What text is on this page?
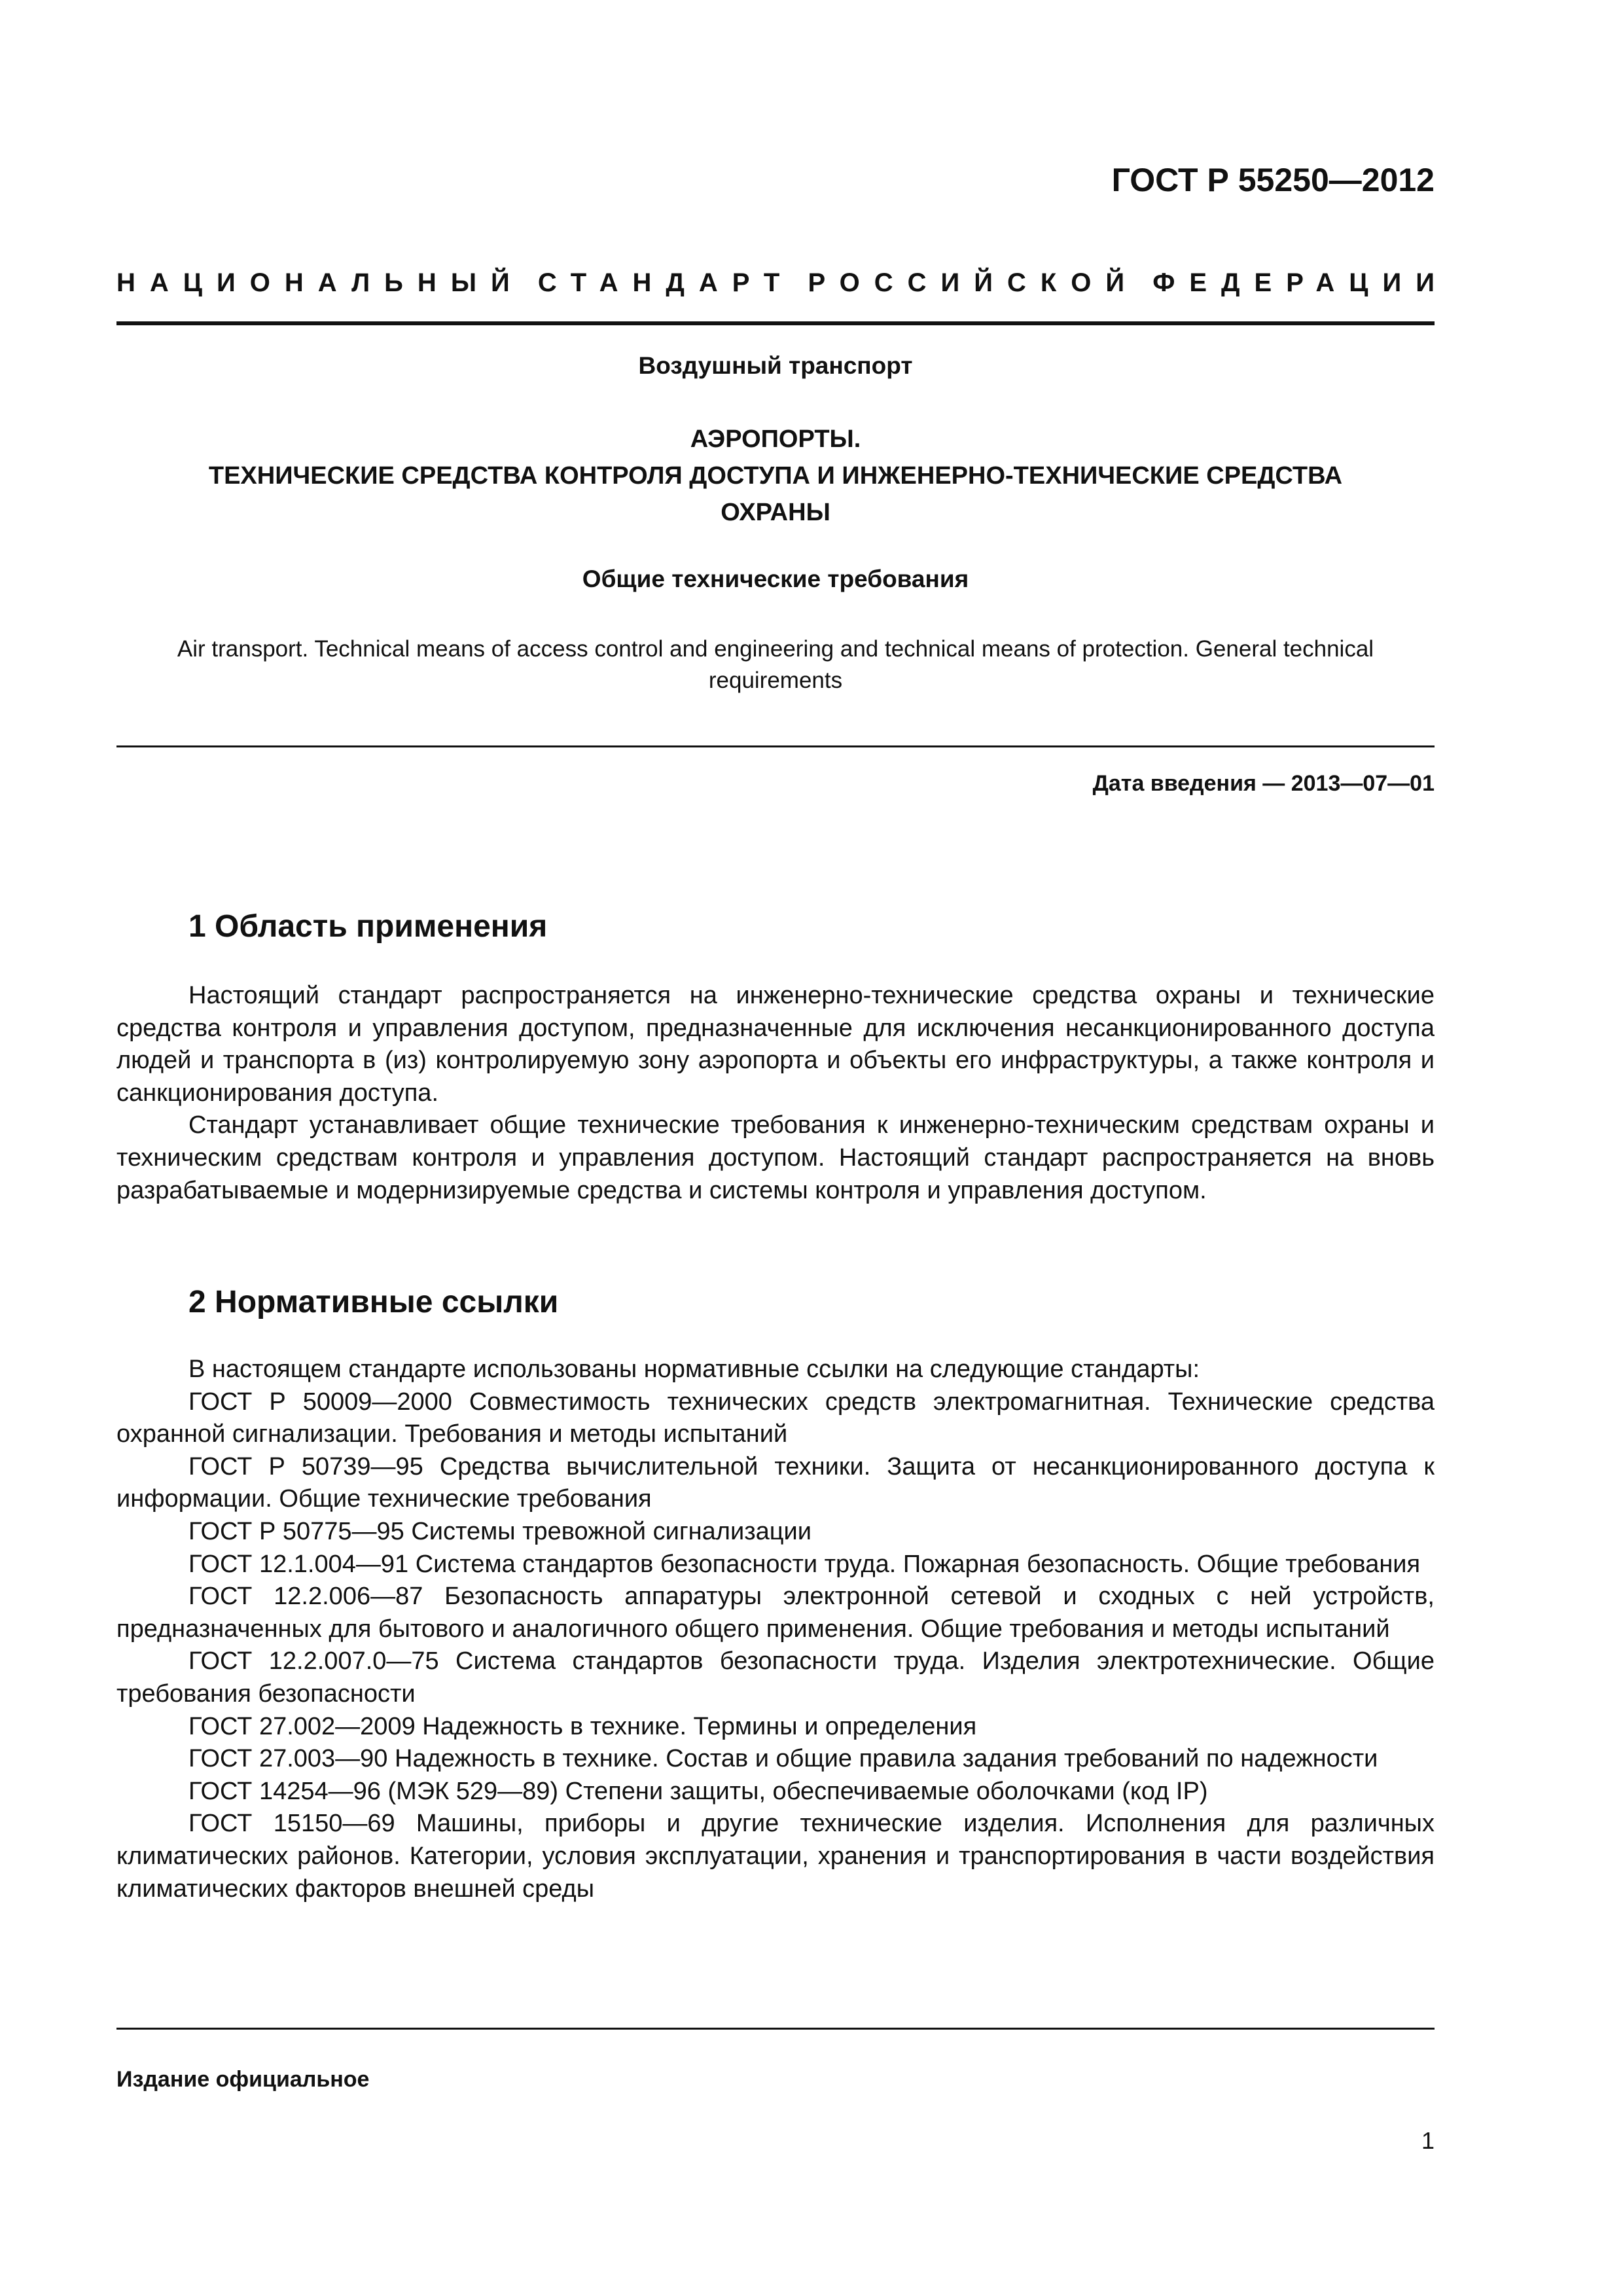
ГОСТ Р 55250—2012
НАЦИОНАЛЬНЫЙ СТАНДАРТ РОССИЙСКОЙ ФЕДЕРАЦИИ
Воздушный транспорт
АЭРОПОРТЫ.
ТЕХНИЧЕСКИЕ СРЕДСТВА КОНТРОЛЯ ДОСТУПА И ИНЖЕНЕРНО-ТЕХНИЧЕСКИЕ СРЕДСТВА
ОХРАНЫ
Общие технические требования
Air transport. Technical means of access control and engineering and technical means of protection. General technical
requirements
Дата введения — 2013—07—01
1 Область применения

Настоящий стандарт распространяется на инженерно-технические средства охраны и технические средства контроля и управления доступом, предназначенные для исключения несанкционированного доступа людей и транспорта в (из) контролируемую зону аэропорта и объекты его инфраструктуры, а также контроля и санкционирования доступа.

Стандарт устанавливает общие технические требования к инженерно-техническим средствам охраны и техническим средствам контроля и управления доступом. Настоящий стандарт распространяется на вновь разрабатываемые и модернизируемые средства и системы контроля и управления доступом.

2 Нормативные ссылки

В настоящем стандарте использованы нормативные ссылки на следующие стандарты:

ГОСТ Р 50009—2000 Совместимость технических средств электромагнитная. Технические средства охранной сигнализации. Требования и методы испытаний

ГОСТ Р 50739—95 Средства вычислительной техники. Защита от несанкционированного доступа к информации. Общие технические требования

ГОСТ Р 50775—95 Системы тревожной сигнализации

ГОСТ 12.1.004—91 Система стандартов безопасности труда. Пожарная безопасность. Общие требования

ГОСТ 12.2.006—87 Безопасность аппаратуры электронной сетевой и сходных с ней устройств, предназначенных для бытового и аналогичного общего применения. Общие требования и методы испытаний

ГОСТ 12.2.007.0—75 Система стандартов безопасности труда. Изделия электротехнические. Общие требования безопасности

ГОСТ 27.002—2009 Надежность в технике. Термины и определения

ГОСТ 27.003—90 Надежность в технике. Состав и общие правила задания требований по надежности

ГОСТ 14254—96 (МЭК 529—89) Степени защиты, обеспечиваемые оболочками (код IP)

ГОСТ 15150—69 Машины, приборы и другие технические изделия. Исполнения для различных климатических районов. Категории, условия эксплуатации, хранения и транспортирования в части воздействия климатических факторов внешней среды

Издание официальное
1
